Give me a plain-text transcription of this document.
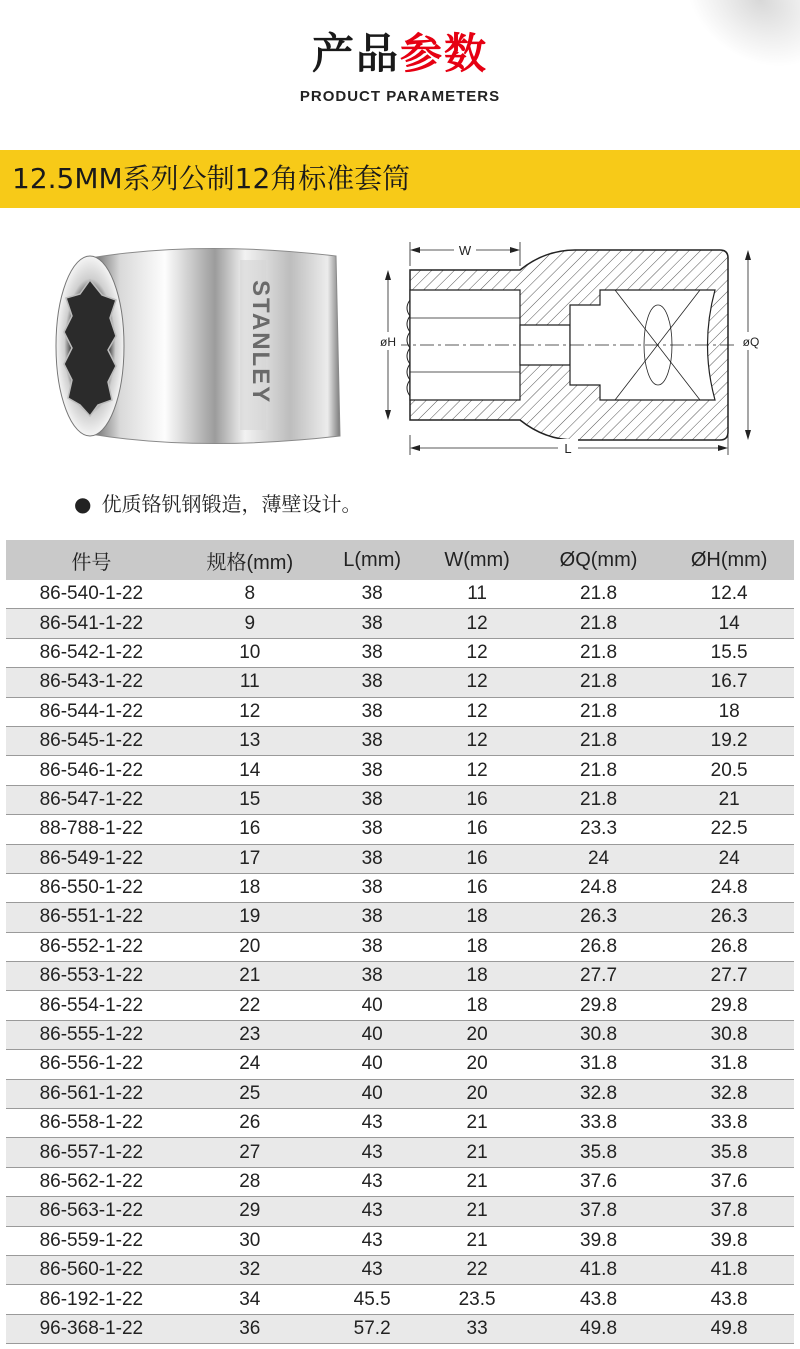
产品参数
PRODUCT PARAMETERS
12.5MM系列公制12角标准套筒
STANLEY
W
øH	øQ
L
● 优质铬钒钢锻造，薄壁设计。
件号	规格(mm)	L(mm)	W(mm)	ØQ(mm)	ØH(mm)
86-540-1-22	8	38	11	21.8	12.4
86-541-1-22	9	38	12	21.8	14
86-542-1-22	10	38	12	21.8	15.5
86-543-1-22	11	38	12	21.8	16.7
86-544-1-22	12	38	12	21.8	18
86-545-1-22	13	38	12	21.8	19.2
86-546-1-22	14	38	12	21.8	20.5
86-547-1-22	15	38	16	21.8	21
88-788-1-22	16	38	16	23.3	22.5
86-549-1-22	17	38	16	24	24
86-550-1-22	18	38	16	24.8	24.8
86-551-1-22	19	38	18	26.3	26.3
86-552-1-22	20	38	18	26.8	26.8
86-553-1-22	21	38	18	27.7	27.7
86-554-1-22	22	40	18	29.8	29.8
86-555-1-22	23	40	20	30.8	30.8
86-556-1-22	24	40	20	31.8	31.8
86-561-1-22	25	40	20	32.8	32.8
86-558-1-22	26	43	21	33.8	33.8
86-557-1-22	27	43	21	35.8	35.8
86-562-1-22	28	43	21	37.6	37.6
86-563-1-22	29	43	21	37.8	37.8
86-559-1-22	30	43	21	39.8	39.8
86-560-1-22	32	43	22	41.8	41.8
86-192-1-22	34	45.5	23.5	43.8	43.8
96-368-1-22	36	57.2	33	49.8	49.8
